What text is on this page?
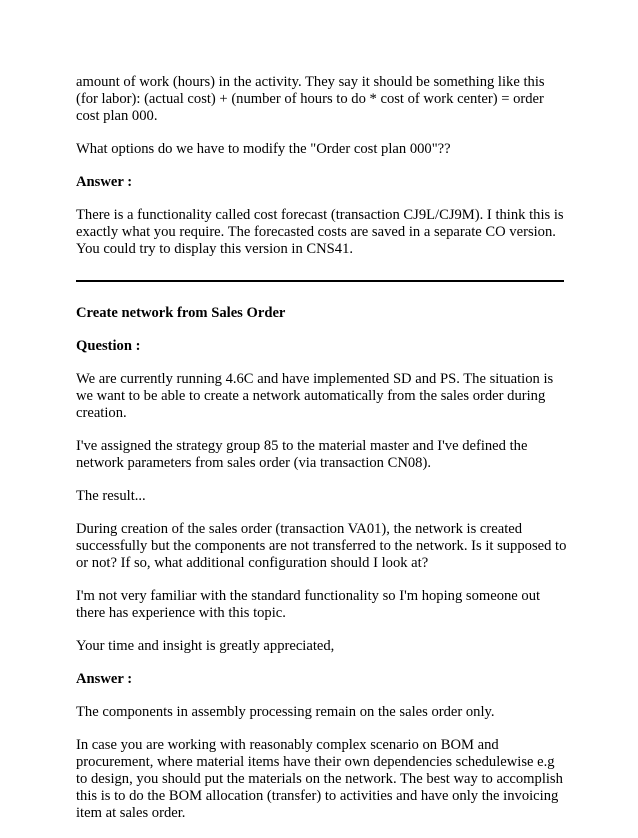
amount of work (hours) in the activity. They say it should be something like this (for labor): (actual cost) + (number of hours to do * cost of work center) = order cost plan 000.

What options do we have to modify the "Order cost plan 000"??

Answer :

There is a functionality called cost forecast (transaction CJ9L/CJ9M). I think this is exactly what you require. The forecasted costs are saved in a separate CO version. You could try to display this version in CNS41.

Create network from Sales Order

Question :

We are currently running 4.6C and have implemented SD and PS. The situation is we want to be able to create a network automatically from the sales order during creation.

I've assigned the strategy group 85 to the material master and I've defined the network parameters from sales order (via transaction CN08).

The result...

During creation of the sales order (transaction VA01), the network is created successfully but the components are not transferred to the network. Is it supposed to or not? If so, what additional configuration should I look at?

I'm not very familiar with the standard functionality so I'm hoping someone out there has experience with this topic.

Your time and insight is greatly appreciated,

Answer :

The components in assembly processing remain on the sales order only.

In case you are working with reasonably complex scenario on BOM and procurement, where material items have their own dependencies schedulewise e.g to design, you should put the materials on the network. The best way to accomplish this is to do the BOM allocation (transfer) to activities and have only the invoicing item at sales order.
